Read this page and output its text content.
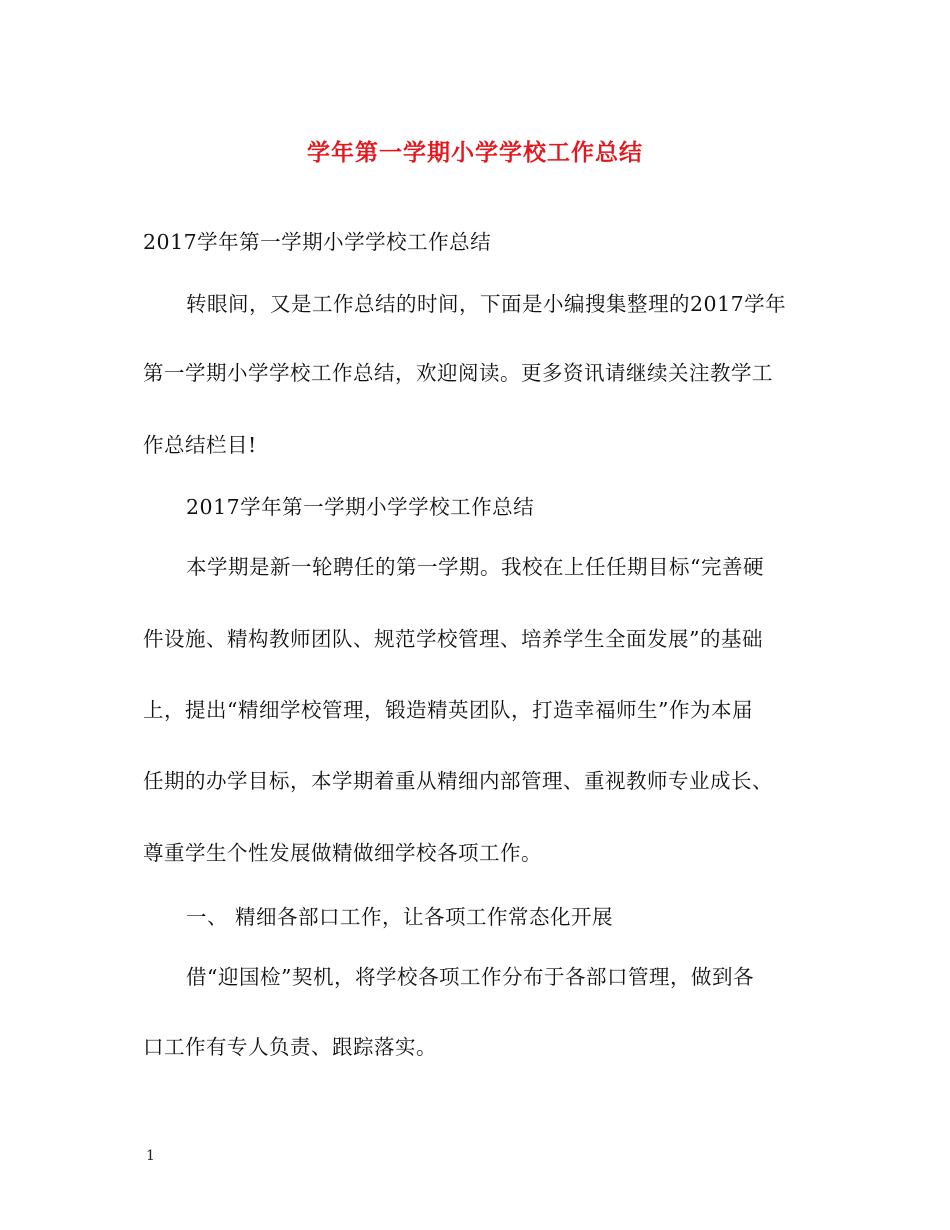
学年第一学期小学学校工作总结
2017学年第一学期小学学校工作总结
转眼间，又是工作总结的时间，下面是小编搜集整理的2017学年
第一学期小学学校工作总结，欢迎阅读。更多资讯请继续关注教学工
作总结栏目!
2017学年第一学期小学学校工作总结
本学期是新一轮聘任的第一学期。我校在上任任期目标“完善硬
件设施、精构教师团队、规范学校管理、培养学生全面发展”的基础
上，提出“精细学校管理，锻造精英团队，打造幸福师生”作为本届
任期的办学目标，本学期着重从精细内部管理、重视教师专业成长、
尊重学生个性发展做精做细学校各项工作。
一、 精细各部口工作，让各项工作常态化开展
借“迎国检”契机，将学校各项工作分布于各部口管理，做到各
口工作有专人负责、跟踪落实。
1
